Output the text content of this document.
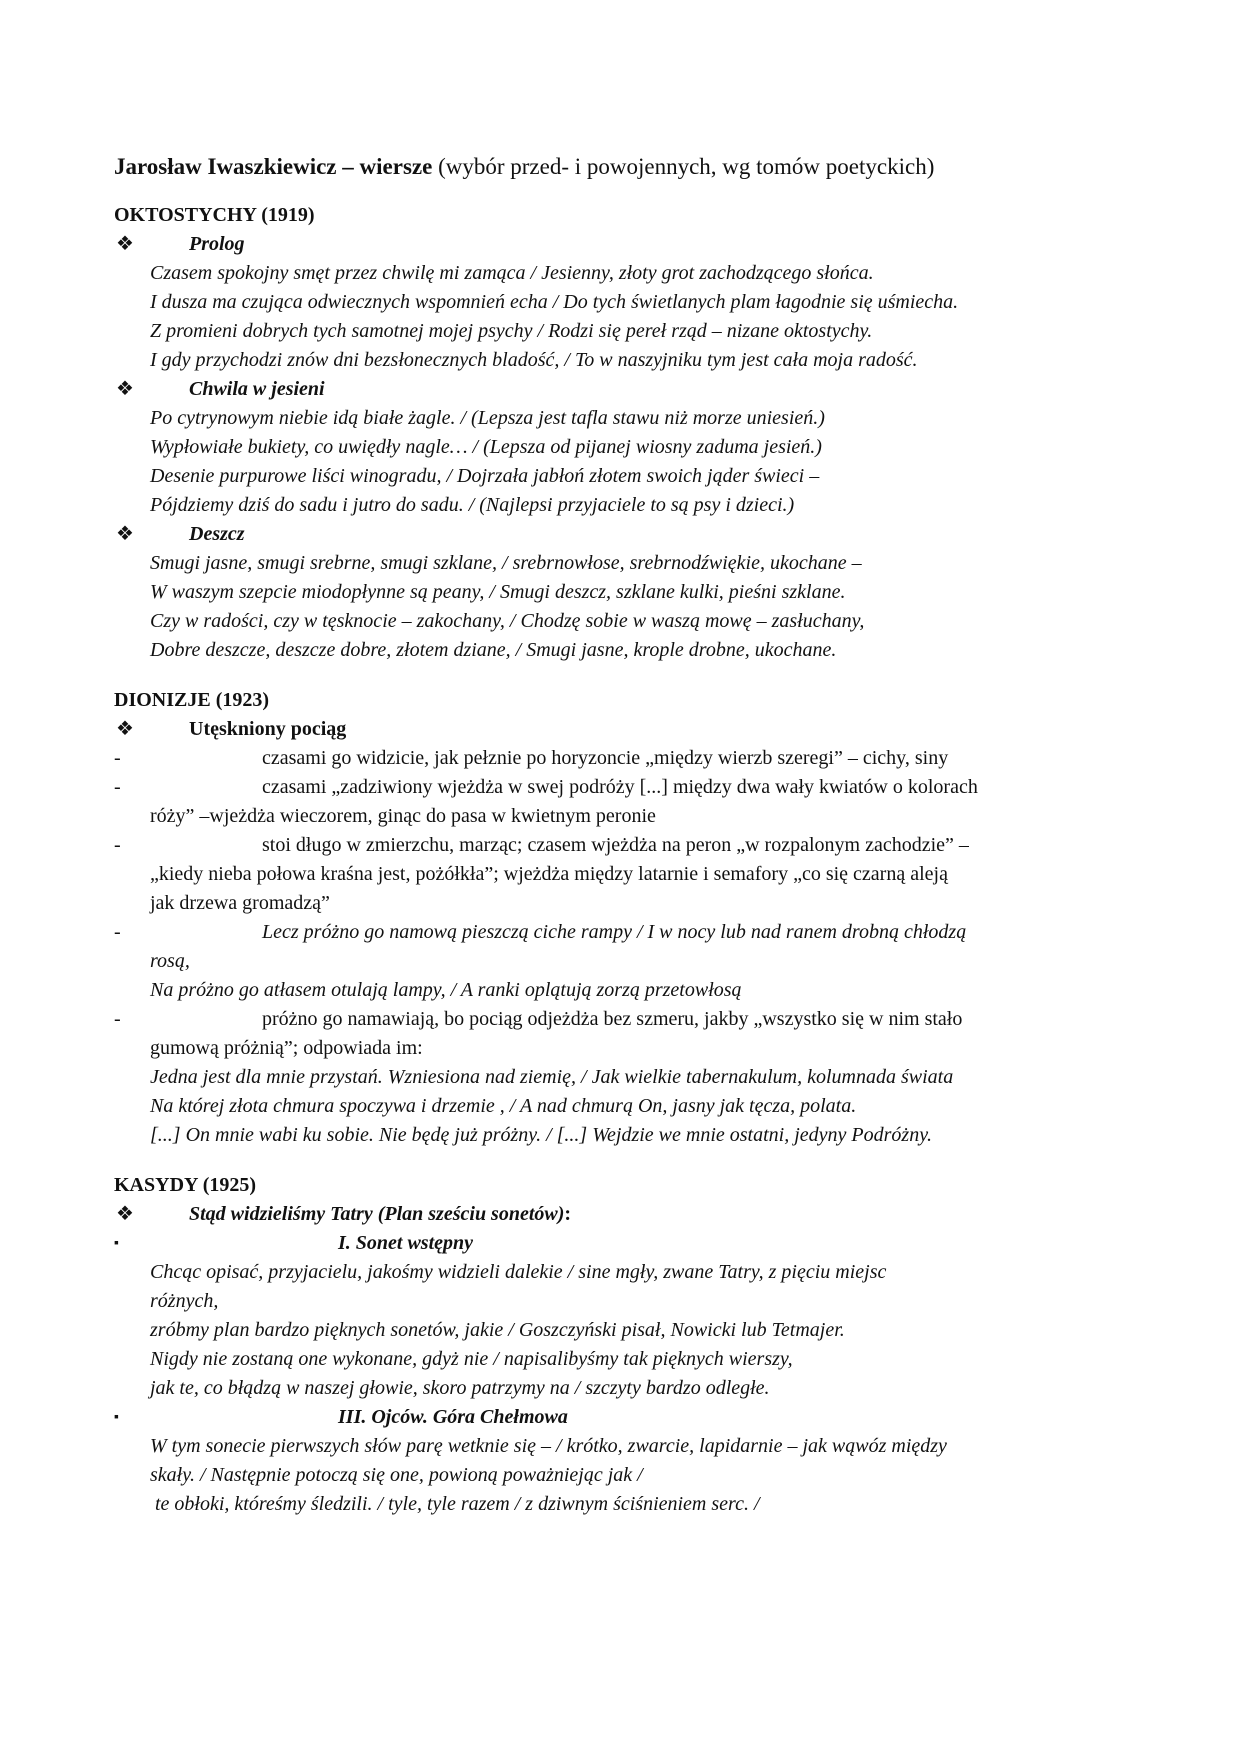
Jarosław Iwaszkiewicz – wiersze (wybór przed- i powojennych, wg tomów poetyckich)
OKTOSTYCHY (1919)
❖	Prolog
Czasem spokojny smęt przez chwilę mi zamąca / Jesienny, złoty grot zachodzącego słońca.
I dusza ma czująca odwiecznych wspomnień echa / Do tych świetlanych plam łagodnie się uśmiecha.
Z promieni dobrych tych samotnej mojej psychy / Rodzi się pereł rząd – nizane oktostychy.
I gdy przychodzi znów dni bezsłonecznych bladość, / To w naszyjniku tym jest cała moja radość.
❖	Chwila w jesieni
Po cytrynowym niebie idą białe żagle. / (Lepsza jest tafla stawu niż morze uniesień.)
Wypłowiałe bukiety, co uwiędły nagle… / (Lepsza od pijanej wiosny zaduma jesień.)
Desenie purpurowe liści winogradu, / Dojrzała jabłoń złotem swoich jąder świeci –
Pójdziemy dziś do sadu i jutro do sadu. / (Najlepsi przyjaciele to są psy i dzieci.)
❖	Deszcz
Smugi jasne, smugi srebrne, smugi szklane, / srebrnowłose, srebrnodźwiękie, ukochane –
W waszym szepcie miodopłynne są peany, / Smugi deszcz, szklane kulki, pieśni szklane.
Czy w radości, czy w tęsknocie – zakochany, / Chodzę sobie w waszą mowę – zasłuchany,
Dobre deszcze, deszcze dobre, złotem dziane, / Smugi jasne, krople drobne, ukochane.
DIONIZJE (1923)
❖	Utęskniony pociąg
-	czasami go widzicie, jak pełznie po horyzoncie „między wierzb szeregi” – cichy, siny
-	czasami „zadziwiony wjeżdża w swej podróży [...] między dwa wały kwiatów o kolorach
róży” –wjeżdża wieczorem, ginąc do pasa w kwietnym peronie
-	stoi długo w zmierzchu, marząc; czasem wjeżdża na peron „w rozpalonym zachodzie” –
„kiedy nieba połowa kraśna jest, pożółkła”; wjeżdża między latarnie i semafory „co się czarną aleją
jak drzewa gromadzą”
-	Lecz próżno go namową pieszczą ciche rampy / I w nocy lub nad ranem drobną chłodzą
rosą,
Na próżno go atłasem otulają lampy, / A ranki oplątują zorzą przetowłosą
-	próżno go namawiają, bo pociąg odjeżdża bez szmeru, jakby „wszystko się w nim stało
gumową próżnią”; odpowiada im:
Jedna jest dla mnie przystań. Wzniesiona nad ziemię, / Jak wielkie tabernakulum, kolumnada świata
Na której złota chmura spoczywa i drzemie , / A nad chmurą On, jasny jak tęcza, polata.
[...] On mnie wabi ku sobie. Nie będę już próżny. / [...] Wejdzie we mnie ostatni, jedyny Podróżny.
KASYDY (1925)
❖	Stąd widzieliśmy Tatry (Plan sześciu sonetów):
▪	I. Sonet wstępny
Chcąc opisać, przyjacielu, jakośmy widzieli dalekie / sine mgły, zwane Tatry, z pięciu miejsc
różnych,
zróbmy plan bardzo pięknych sonetów, jakie / Goszczyński pisał, Nowicki lub Tetmajer.
Nigdy nie zostaną one wykonane, gdyż nie / napisalibyśmy tak pięknych wierszy,
jak te, co błądzą w naszej głowie, skoro patrzymy na / szczyty bardzo odległe.
▪	III. Ojców. Góra Chełmowa
W tym sonecie pierwszych słów parę wetknie się – / krótko, zwarcie, lapidarnie – jak wąwóz między
skały. / Następnie potoczą się one, powioną poważniejąc jak /
te obłoki, któreśmy śledzili. / tyle, tyle razem / z dziwnym ściśnieniem serc. /
